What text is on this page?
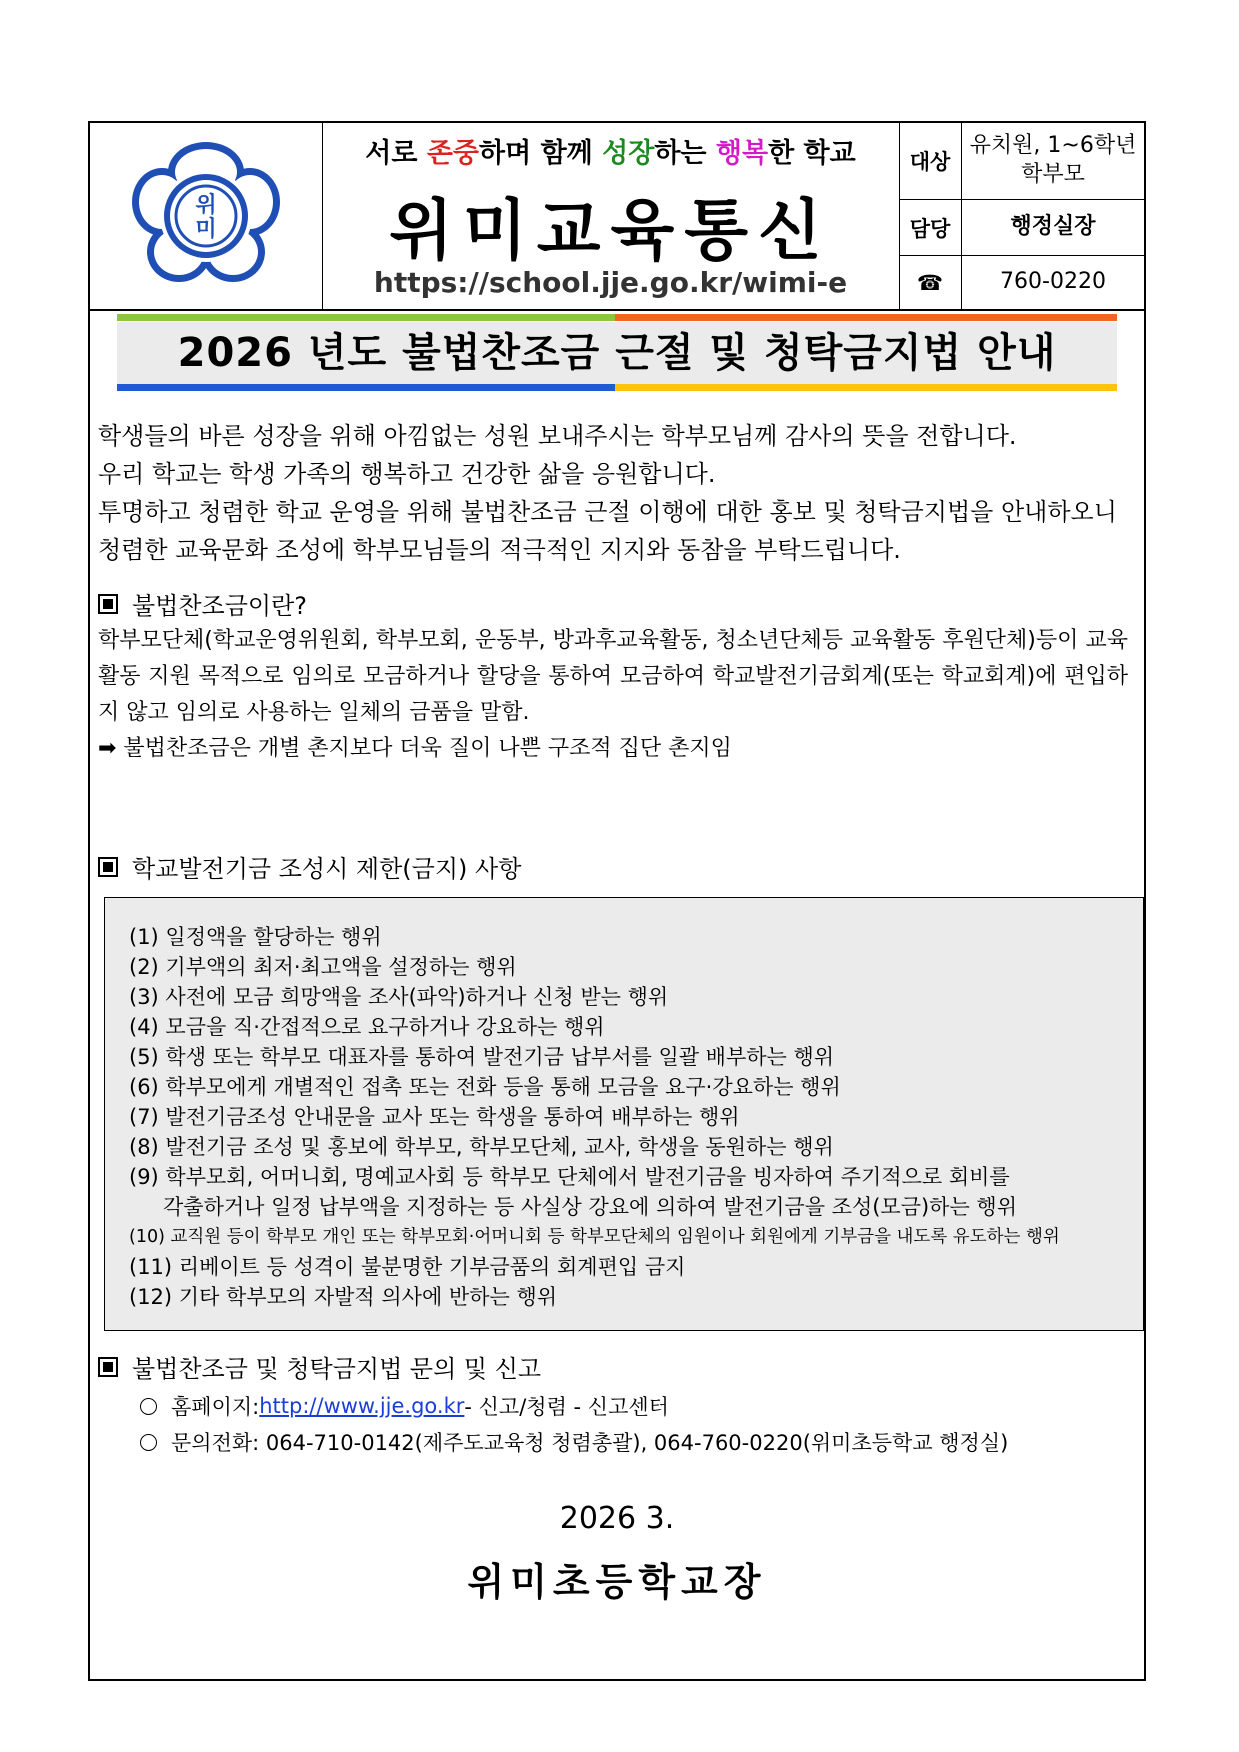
위
미
서로 존중하며 함께 성장하는 행복한 학교
위미교육통신
https://school.jje.go.kr/wimi-e
대상
유치원, 1~6학년
학부모
담당	행정실장
☎	760-0220
2026 년도 불법찬조금 근절 및 청탁금지법 안내
학생들의 바른 성장을 위해 아낌없는 성원 보내주시는 학부모님께 감사의 뜻을 전합니다.
우리 학교는 학생 가족의 행복하고 건강한 삶을 응원합니다.
투명하고 청렴한 학교 운영을 위해 불법찬조금 근절 이행에 대한 홍보 및 청탁금지법을 안내하오니 청렴한 교육문화 조성에 학부모님들의 적극적인 지지와 동참을 부탁드립니다.
불법찬조금이란?
학부모단체(학교운영위원회, 학부모회, 운동부, 방과후교육활동, 청소년단체등 교육활동 후원단체)등이 교육활동 지원 목적으로 임의로 모금하거나 할당을 통하여 모금하여 학교발전기금회계(또는 학교회계)에 편입하지 않고 임의로 사용하는 일체의 금품을 말함.
➡ 불법찬조금은 개별 촌지보다 더욱 질이 나쁜 구조적 집단 촌지임
학교발전기금 조성시 제한(금지) 사항
(1) 일정액을 할당하는 행위
(2) 기부액의 최저·최고액을 설정하는 행위
(3) 사전에 모금 희망액을 조사(파악)하거나 신청 받는 행위
(4) 모금을 직·간접적으로 요구하거나 강요하는 행위
(5) 학생 또는 학부모 대표자를 통하여 발전기금 납부서를 일괄 배부하는 행위
(6) 학부모에게 개별적인 접촉 또는 전화 등을 통해 모금을 요구·강요하는 행위
(7) 발전기금조성 안내문을 교사 또는 학생을 통하여 배부하는 행위
(8) 발전기금 조성 및 홍보에 학부모, 학부모단체, 교사, 학생을 동원하는 행위
(9) 학부모회, 어머니회, 명예교사회 등 학부모 단체에서 발전기금을 빙자하여 주기적으로 회비를
각출하거나 일정 납부액을 지정하는 등 사실상 강요에 의하여 발전기금을 조성(모금)하는 행위
(10) 교직원 등이 학부모 개인 또는 학부모회·어머니회 등 학부모단체의 임원이나 회원에게 기부금을 내도록 유도하는 행위
(11) 리베이트 등 성격이 불분명한 기부금품의 회계편입 금지
(12) 기타 학부모의 자발적 의사에 반하는 행위
불법찬조금 및 청탁금지법 문의 및 신고
홈페이지: http://www.jje.go.kr - 신고/청렴 - 신고센터
문의전화: 064-710-0142(제주도교육청 청렴총괄), 064-760-0220(위미초등학교 행정실)
2026 3.
위미초등학교장
